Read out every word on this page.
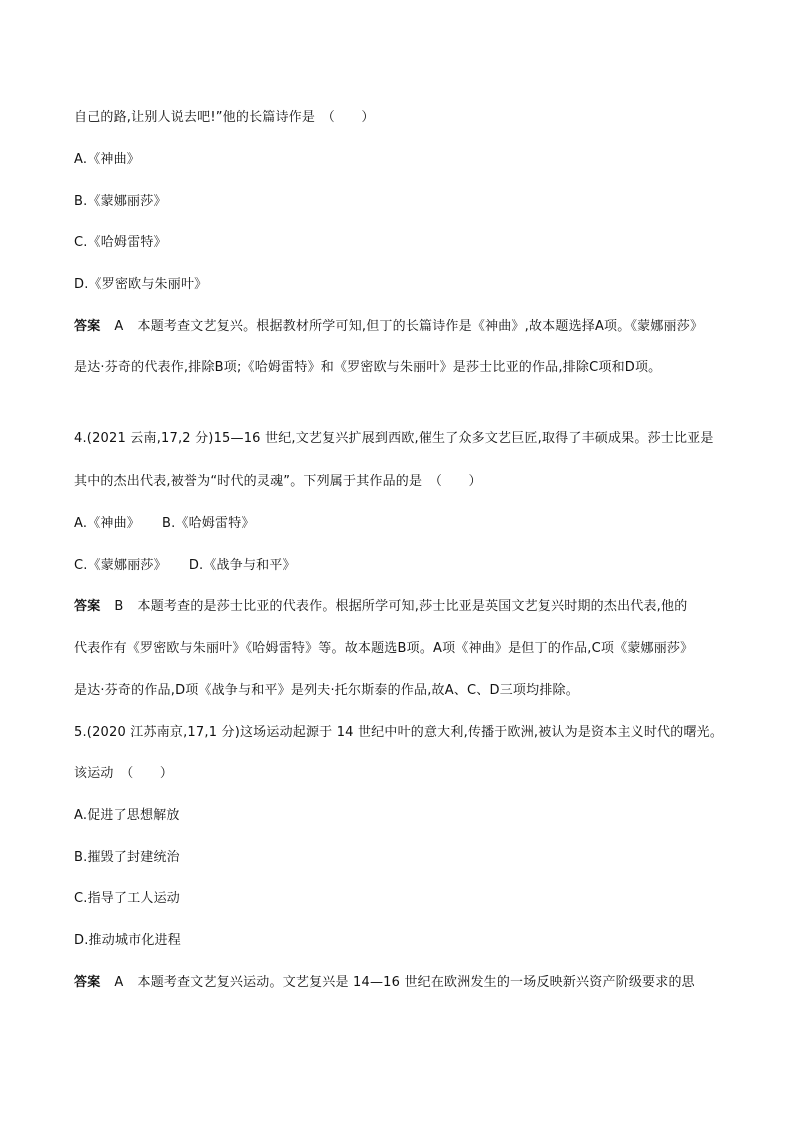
自己的路,让别人说去吧!”他的长篇诗作是　（　　）
A.《神曲》
B.《蒙娜丽莎》
C.《哈姆雷特》
D.《罗密欧与朱丽叶》
答案 A 本题考查文艺复兴。根据教材所学可知,但丁的长篇诗作是《神曲》,故本题选择A项。《蒙娜丽莎》
是达·芬奇的代表作,排除B项;《哈姆雷特》和《罗密欧与朱丽叶》是莎士比亚的作品,排除C项和D项。
4.(2021 云南,17,2 分)15—16 世纪,文艺复兴扩展到西欧,催生了众多文艺巨匠,取得了丰硕成果。莎士比亚是
其中的杰出代表,被誉为“时代的灵魂”。下列属于其作品的是　（　　）
A.《神曲》 B.《哈姆雷特》
C.《蒙娜丽莎》 D.《战争与和平》
答案 B 本题考查的是莎士比亚的代表作。根据所学可知,莎士比亚是英国文艺复兴时期的杰出代表,他的
代表作有《罗密欧与朱丽叶》《哈姆雷特》等。故本题选B项。A项《神曲》是但丁的作品,C项《蒙娜丽莎》
是达·芬奇的作品,D项《战争与和平》是列夫·托尔斯泰的作品,故A、C、D三项均排除。
5.(2020 江苏南京,17,1 分)这场运动起源于 14 世纪中叶的意大利,传播于欧洲,被认为是资本主义时代的曙光。
该运动　（　　）
A.促进了思想解放
B.摧毁了封建统治
C.指导了工人运动
D.推动城市化进程
答案 A 本题考查文艺复兴运动。文艺复兴是 14—16 世纪在欧洲发生的一场反映新兴资产阶级要求的思
